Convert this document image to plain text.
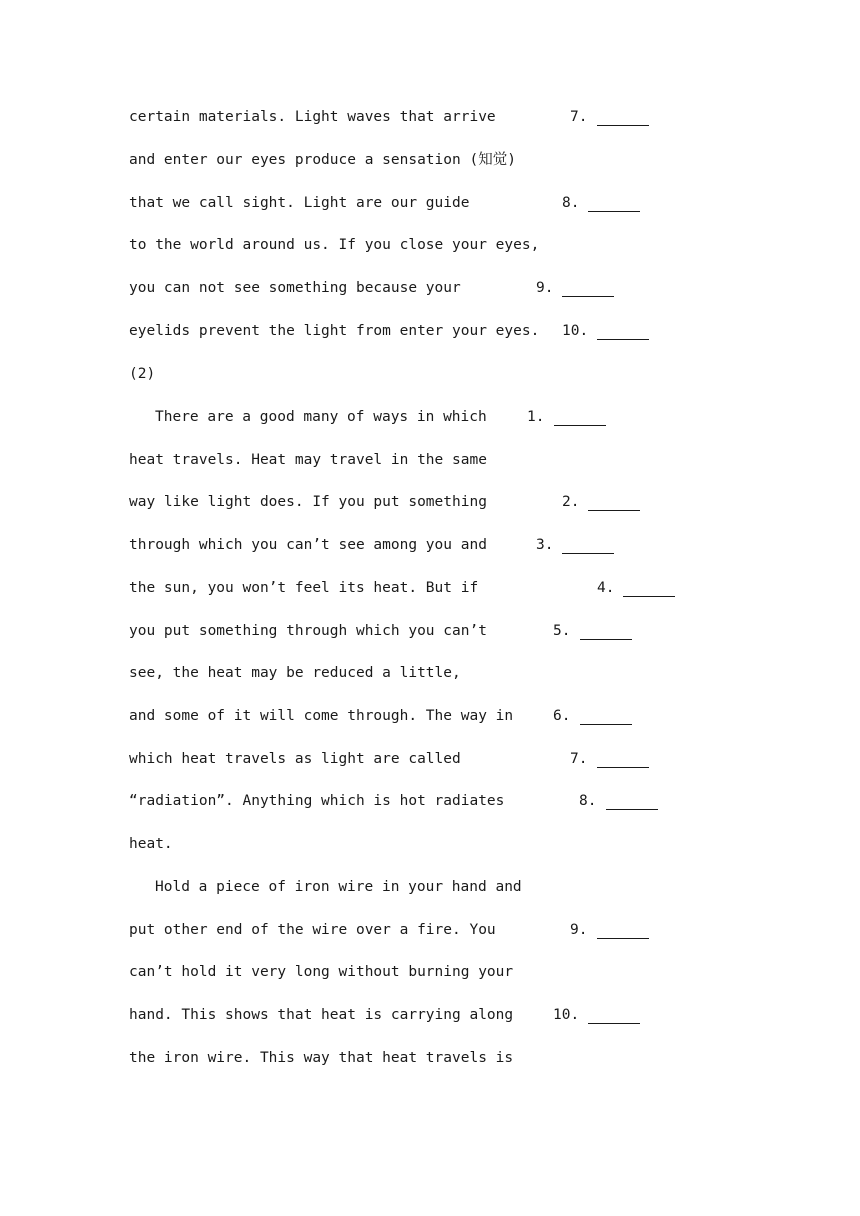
certain materials. Light waves that arrive

	7.

and enter our eyes produce a sensation (知觉)

that we call sight. Light are our guide

	8.

to the world around us. If you close your eyes,

you can not see something because your

	9.

eyelids prevent the light from enter your eyes.

10.

(2)

There are a good many of ways in which

	1.

heat travels. Heat may travel in the same

way like light does. If you put something

	2.

through which you can’t see among you and

	3.

the sun, you won’t feel its heat. But if

	4.

you put something through which you can’t

	5.

see, the heat may be reduced a little,

and some of it will come through. The way in

	6.

which heat travels as light are called

	7.

“radiation”. Anything which is hot radiates

	8.

heat.

Hold a piece of iron wire in your hand and

put other end of the wire over a fire. You

	9.

can’t hold it very long without burning your

hand. This shows that heat is carrying along

	10.

the iron wire. This way that heat travels is
